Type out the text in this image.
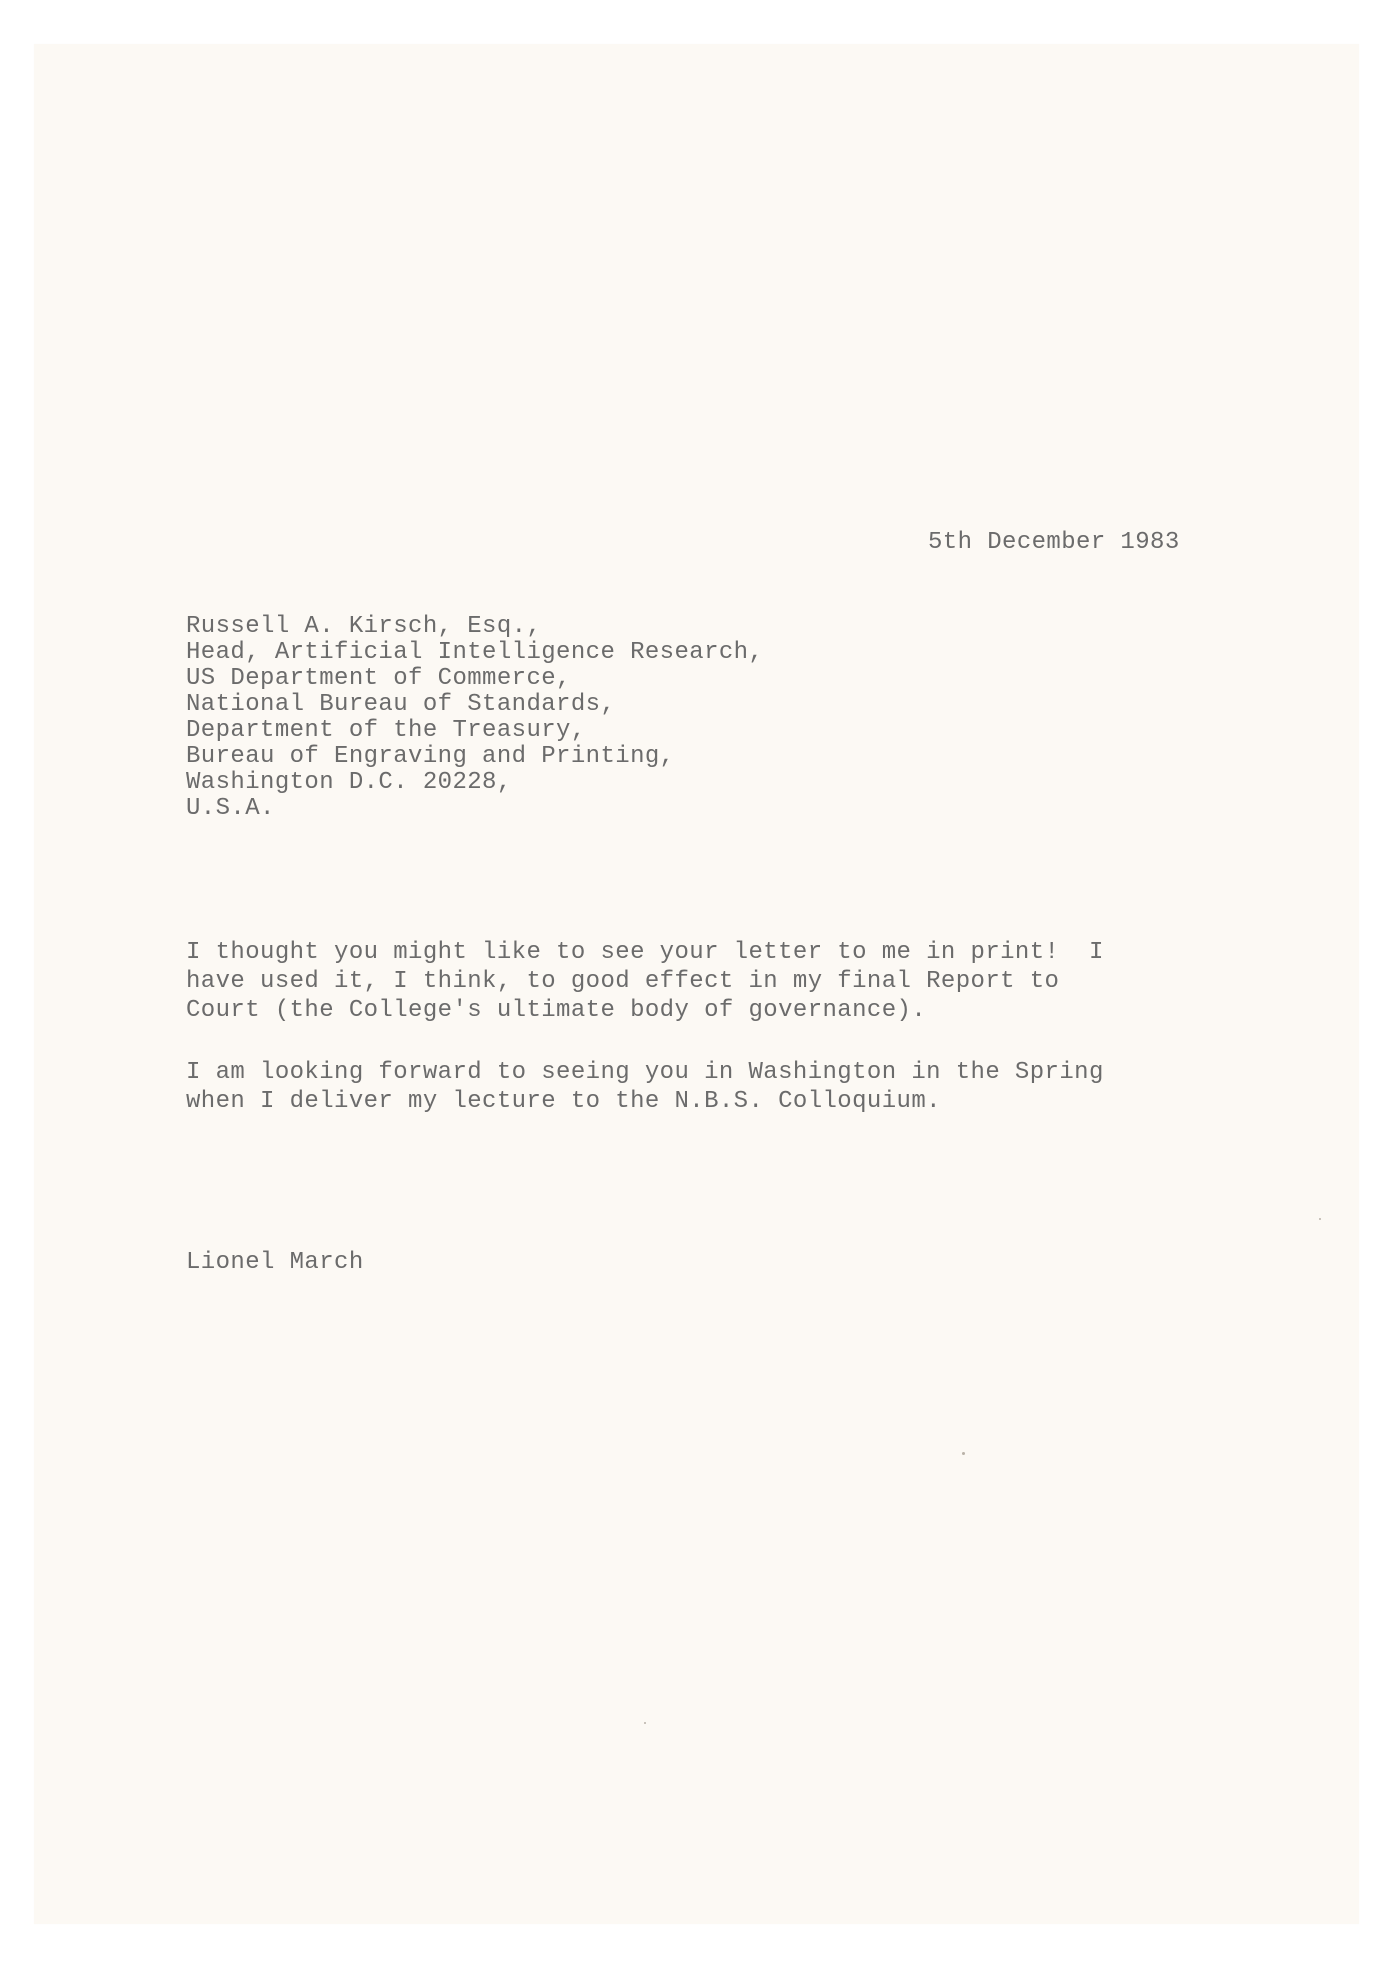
5th December 1983

Russell A. Kirsch, Esq.,

Head, Artificial Intelligence Research,

US Department of Commerce,

National Bureau of Standards,

Department of the Treasury,

Bureau of Engraving and Printing,

Washington D.C. 20228,

U.S.A.

I thought you might like to see your letter to me in print!  I

have used it, I think, to good effect in my final Report to

Court (the College's ultimate body of governance).

I am looking forward to seeing you in Washington in the Spring

when I deliver my lecture to the N.B.S. Colloquium.

Lionel March
